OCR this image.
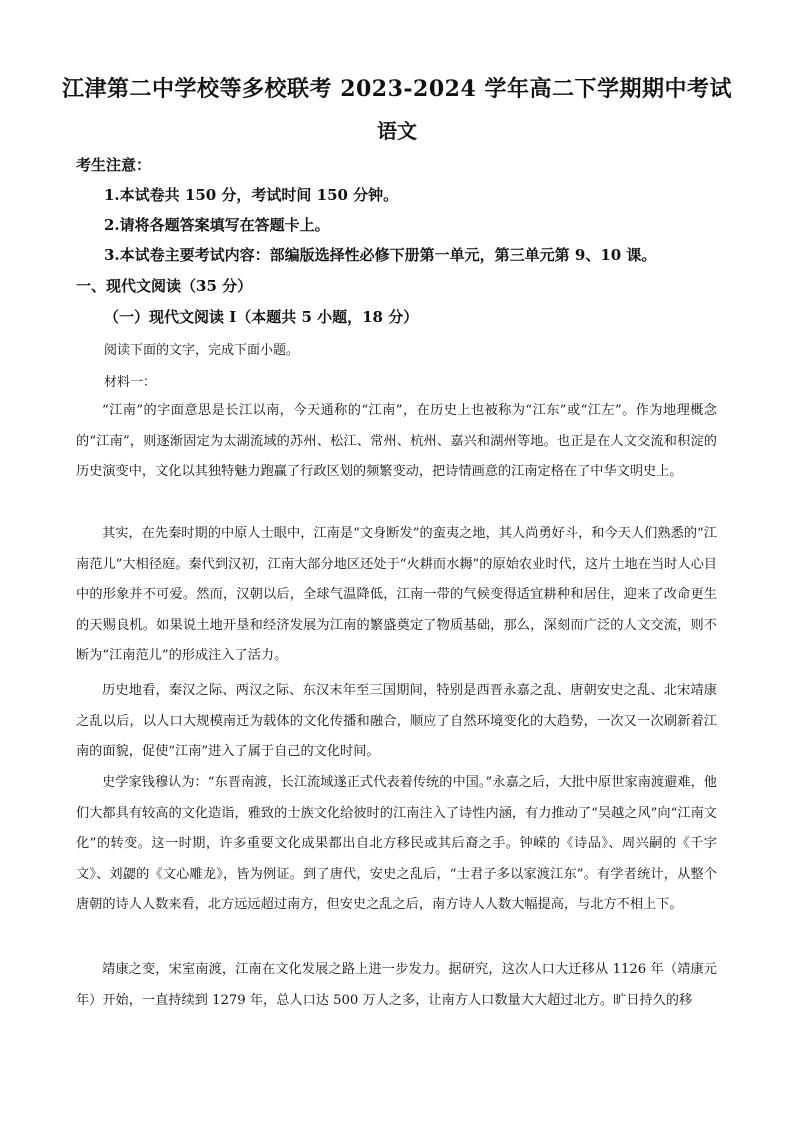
江津第二中学校等多校联考 2023-2024 学年高二下学期期中考试
语文
考生注意：
1.本试卷共 150 分，考试时间 150 分钟。
2.请将各题答案填写在答题卡上。
3.本试卷主要考试内容：部编版选择性必修下册第一单元，第三单元第 9、10 课。
一、现代文阅读（35 分）
（一）现代文阅读 I（本题共 5 小题，18 分）
阅读下面的文字，完成下面小题。
材料一：

“江南”的字面意思是长江以南，今天通称的“江南”，在历史上也被称为“江东”或“江左”。作为地理概念的“江南”，则逐渐固定为太湖流域的苏州、松江、常州、杭州、嘉兴和湖州等地。也正是在人文交流和积淀的历史演变中，文化以其独特魅力跑赢了行政区划的频繁变动，把诗情画意的江南定格在了中华文明史上。

其实，在先秦时期的中原人士眼中，江南是“文身断发”的蛮夷之地，其人尚勇好斗，和今天人们熟悉的“江南范儿”大相径庭。秦代到汉初，江南大部分地区还处于“火耕而水耨”的原始农业时代，这片土地在当时人心目中的形象并不可爱。然而，汉朝以后，全球气温降低，江南一带的气候变得适宜耕种和居住，迎来了改命更生的天赐良机。如果说土地开垦和经济发展为江南的繁盛奠定了物质基础，那么，深刻而广泛的人文交流，则不断为“江南范儿”的形成注入了活力。

历史地看，秦汉之际、两汉之际、东汉末年至三国期间，特别是西晋永嘉之乱、唐朝安史之乱、北宋靖康之乱以后，以人口大规模南迁为载体的文化传播和融合，顺应了自然环境变化的大趋势，一次又一次刷新着江南的面貌，促使“江南”进入了属于自己的文化时间。

史学家钱穆认为：“东晋南渡，长江流域遂正式代表着传统的中国。”永嘉之后，大批中原世家南渡避难，他们大都具有较高的文化造诣，雅致的士族文化给彼时的江南注入了诗性内涵，有力推动了“吴越之风”向“江南文化”的转变。这一时期，许多重要文化成果都出自北方移民或其后裔之手。钟嵘的《诗品》、周兴嗣的《千字文》、刘勰的《文心雕龙》，皆为例证。到了唐代，安史之乱后，“士君子多以家渡江东”。有学者统计，从整个唐朝的诗人人数来看，北方远远超过南方，但安史之乱之后，南方诗人人数大幅提高，与北方不相上下。

靖康之变，宋室南渡，江南在文化发展之路上进一步发力。据研究，这次人口大迁移从 1126 年（靖康元年）开始，一直持续到 1279 年，总人口达 500 万人之多，让南方人口数量大大超过北方。旷日持久的移
